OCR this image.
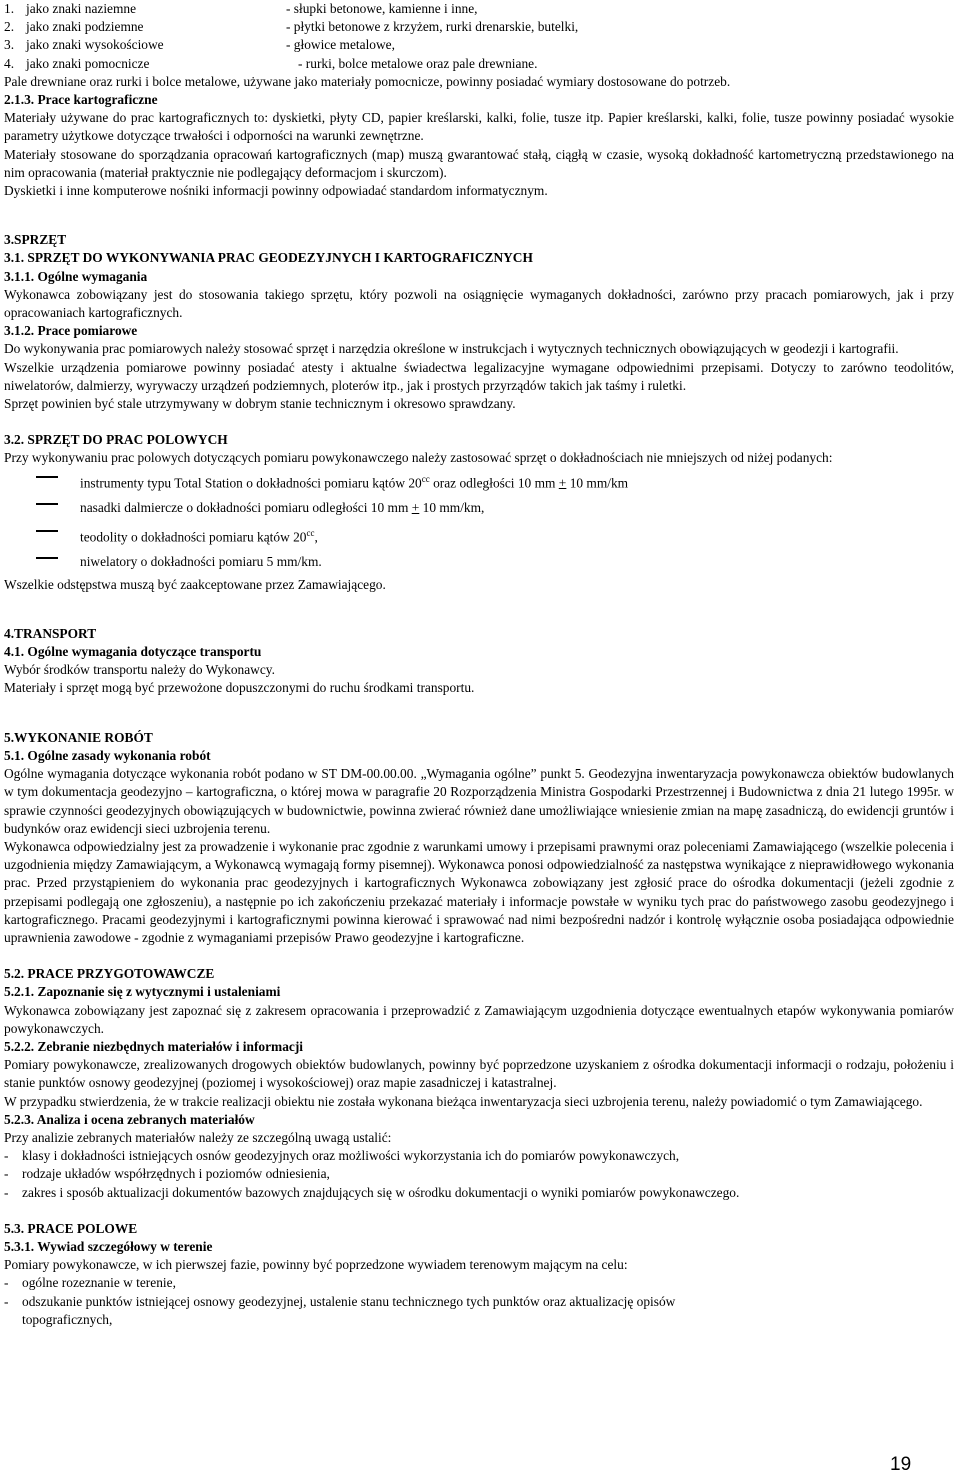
1. jako znaki naziemne	- słupki betonowe, kamienne i inne,
2. jako znaki podziemne	- płytki betonowe z krzyżem, rurki drenarskie, butelki,
3. jako znaki wysokościowe	- głowice metalowe,
4. jako znaki pomocnicze	- rurki, bolce metalowe oraz pale drewniane.

Pale drewniane oraz rurki i bolce metalowe, używane jako materiały pomocnicze, powinny posiadać wymiary dostosowane do potrzeb.

2.1.3. Prace kartograficzne

Materiały używane do prac kartograficznych to: dyskietki, płyty CD, papier kreślarski, kalki, folie, tusze itp. Papier kreślarski, kalki, folie, tusze powinny posiadać wysokie parametry użytkowe dotyczące trwałości i odporności na warunki zewnętrzne.

Materiały stosowane do sporządzania opracowań kartograficznych (map) muszą gwarantować stałą, ciągłą w czasie, wysoką dokładność kartometryczną przedstawionego na nim opracowania (materiał praktycznie nie podlegający deformacjom i skurczom).

Dyskietki i inne komputerowe nośniki informacji powinny odpowiadać standardom informatycznym.

3.SPRZĘT

3.1. SPRZĘT DO WYKONYWANIA PRAC GEODEZYJNYCH I KARTOGRAFICZNYCH

3.1.1. Ogólne wymagania

Wykonawca zobowiązany jest do stosowania takiego sprzętu, który pozwoli na osiągnięcie wymaganych dokładności, zarówno przy pracach pomiarowych, jak i przy opracowaniach kartograficznych.

3.1.2. Prace pomiarowe

Do wykonywania prac pomiarowych należy stosować sprzęt i narzędzia określone w instrukcjach i wytycznych technicznych obowiązujących w geodezji i kartografii.

Wszelkie urządzenia pomiarowe powinny posiadać atesty i aktualne świadectwa legalizacyjne wymagane odpowiednimi przepisami. Dotyczy to zarówno teodolitów, niwelatorów, dalmierzy, wyrywaczy urządzeń podziemnych, ploterów itp., jak i prostych przyrządów takich jak taśmy i ruletki.

Sprzęt powinien być stale utrzymywany w dobrym stanie technicznym i okresowo sprawdzany.

3.2. SPRZĘT DO PRAC POLOWYCH

Przy wykonywaniu prac polowych dotyczących pomiaru powykonawczego należy zastosować sprzęt o dokładnościach nie mniejszych od niżej podanych:

instrumenty typu Total Station o dokładności pomiaru kątów $20^{cc}$ oraz odległości 10 mm + 10 mm/km
nasadki dalmiercze o dokładności pomiaru odległości 10 mm + 10 mm/km,
teodolity o dokładności pomiaru kątów $20^{cc}$,
niwelatory o dokładności pomiaru 5 mm/km.

Wszelkie odstępstwa muszą być zaakceptowane przez Zamawiającego.

4.TRANSPORT

4.1. Ogólne wymagania dotyczące transportu

Wybór środków transportu należy do Wykonawcy.

Materiały i sprzęt mogą być przewożone dopuszczonymi do ruchu środkami transportu.

5.WYKONANIE ROBÓT

5.1. Ogólne zasady wykonania robót

Ogólne wymagania dotyczące wykonania robót podano w ST DM-00.00.00. „Wymagania ogólne” punkt 5. Geodezyjna inwentaryzacja powykonawcza obiektów budowlanych w tym dokumentacja geodezyjno – kartograficzna, o której mowa w paragrafie 20 Rozporządzenia Ministra Gospodarki Przestrzennej i Budownictwa z dnia 21 lutego 1995r. w sprawie czynności geodezyjnych obowiązujących w budownictwie, powinna zwierać również dane umożliwiające wniesienie zmian na mapę zasadniczą, do ewidencji gruntów i budynków oraz ewidencji sieci uzbrojenia terenu.

Wykonawca odpowiedzialny jest za prowadzenie i wykonanie prac zgodnie z warunkami umowy i przepisami prawnymi oraz poleceniami Zamawiającego (wszelkie polecenia i uzgodnienia między Zamawiającym, a Wykonawcą wymagają formy pisemnej). Wykonawca ponosi odpowiedzialność za następstwa wynikające z nieprawidłowego wykonania prac. Przed przystąpieniem do wykonania prac geodezyjnych i kartograficznych Wykonawca zobowiązany jest zgłosić prace do ośrodka dokumentacji (jeżeli zgodnie z przepisami podlegają one zgłoszeniu), a następnie po ich zakończeniu przekazać materiały i informacje powstałe w wyniku tych prac do państwowego zasobu geodezyjnego i kartograficznego. Pracami geodezyjnymi i kartograficznymi powinna kierować i sprawować nad nimi bezpośredni nadzór i kontrolę wyłącznie osoba posiadająca odpowiednie uprawnienia zawodowe - zgodnie z wymaganiami przepisów Prawo geodezyjne i kartograficzne.

5.2. PRACE PRZYGOTOWAWCZE

5.2.1. Zapoznanie się z wytycznymi i ustaleniami

Wykonawca zobowiązany jest zapoznać się z zakresem opracowania i przeprowadzić z Zamawiającym uzgodnienia dotyczące ewentualnych etapów wykonywania pomiarów powykonawczych.

5.2.2. Zebranie niezbędnych materiałów i informacji

Pomiary powykonawcze, zrealizowanych drogowych obiektów budowlanych, powinny być poprzedzone uzyskaniem z ośrodka dokumentacji informacji o rodzaju, położeniu i stanie punktów osnowy geodezyjnej (poziomej i wysokościowej) oraz mapie zasadniczej i katastralnej.

W przypadku stwierdzenia, że w trakcie realizacji obiektu nie została wykonana bieżąca inwentaryzacja sieci uzbrojenia terenu, należy powiadomić o tym Zamawiającego.

5.2.3. Analiza i ocena zebranych materiałów

Przy analizie zebranych materiałów należy ze szczególną uwagą ustalić:

-	klasy i dokładności istniejących osnów geodezyjnych oraz możliwości wykorzystania ich do pomiarów powykonawczych,
-	rodzaje układów współrzędnych i poziomów odniesienia,
-	zakres i sposób aktualizacji dokumentów bazowych znajdujących się w ośrodku dokumentacji o wyniki pomiarów powykonawczego.

5.3. PRACE POLOWE

5.3.1. Wywiad szczegółowy w terenie

Pomiary powykonawcze, w ich pierwszej fazie, powinny być poprzedzone wywiadem terenowym mającym na celu:

-	ogólne rozeznanie w terenie,
-	odszukanie punktów istniejącej osnowy geodezyjnej, ustalenie stanu technicznego tych punktów oraz aktualizację opisów topograficznych,
19
